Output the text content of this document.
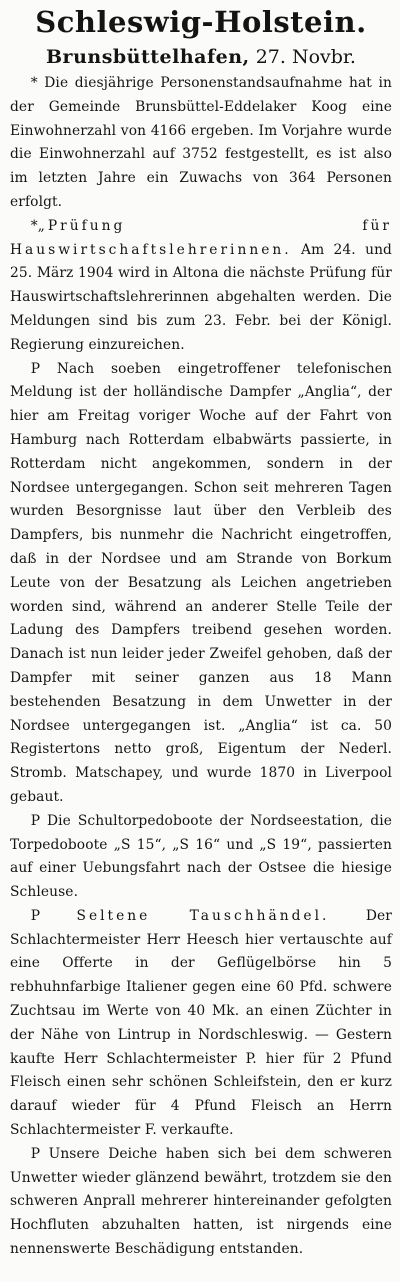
Schleswig-Holstein.
Brunsbüttelhafen, 27. Novbr.

* Die diesjährige Personenstandsaufnahme hat in der Gemeinde Brunsbüttel-Eddelaker Koog eine Einwohnerzahl von 4166 ergeben. Im Vorjahre wurde die Einwohnerzahl auf 3752 festgestellt, es ist also im letzten Jahre ein Zuwachs von 364 Personen erfolgt.

*„Prüfung für Hauswirtschaftslehrerinnen. Am 24. und 25. März 1904 wird in Altona die nächste Prüfung für Hauswirtschaftslehrerinnen abgehalten werden. Die Meldungen sind bis zum 23. Febr. bei der Königl. Regierung einzureichen.

P Nach soeben eingetroffener telefonischen Meldung ist der holländische Dampfer „Anglia“, der hier am Freitag voriger Woche auf der Fahrt von Hamburg nach Rotterdam elbabwärts passierte, in Rotterdam nicht angekommen, sondern in der Nordsee untergegangen. Schon seit mehreren Tagen wurden Besorgnisse laut über den Verbleib des Dampfers, bis nunmehr die Nachricht eingetroffen, daß in der Nordsee und am Strande von Borkum Leute von der Besatzung als Leichen angetrieben worden sind, während an anderer Stelle Teile der Ladung des Dampfers treibend gesehen worden. Danach ist nun leider jeder Zweifel gehoben, daß der Dampfer mit seiner ganzen aus 18 Mann bestehenden Besatzung in dem Unwetter in der Nordsee untergegangen ist. „Anglia“ ist ca. 50 Registertons netto groß, Eigentum der Nederl. Stromb. Matschapey, und wurde 1870 in Liverpool gebaut.

P Die Schultorpedoboote der Nordseestation, die Torpedoboote „S 15“, „S 16“ und „S 19“, passierten auf einer Uebungsfahrt nach der Ostsee die hiesige Schleuse.

P	Seltene Tauschhändel.	Der Schlachtermeister Herr Heesch hier vertauschte auf eine Offerte in der Geflügelbörse hin 5 rebhuhnfarbige Italiener gegen eine 60 Pfd. schwere Zuchtsau im Werte von 40 Mk. an einen Züchter in der Nähe von Lintrup in Nordschleswig. — Gestern kaufte Herr Schlachtermeister P. hier für 2 Pfund Fleisch einen sehr schönen Schleifstein, den er kurz darauf wieder für 4 Pfund Fleisch an Herrn Schlachtermeister F. verkaufte.

P Unsere Deiche haben sich bei dem schweren Unwetter wieder glänzend bewährt, trotzdem sie den schweren Anprall mehrerer hintereinander gefolgten Hochfluten abzuhalten hatten, ist nirgends eine nennenswerte Beschädigung entstanden.
